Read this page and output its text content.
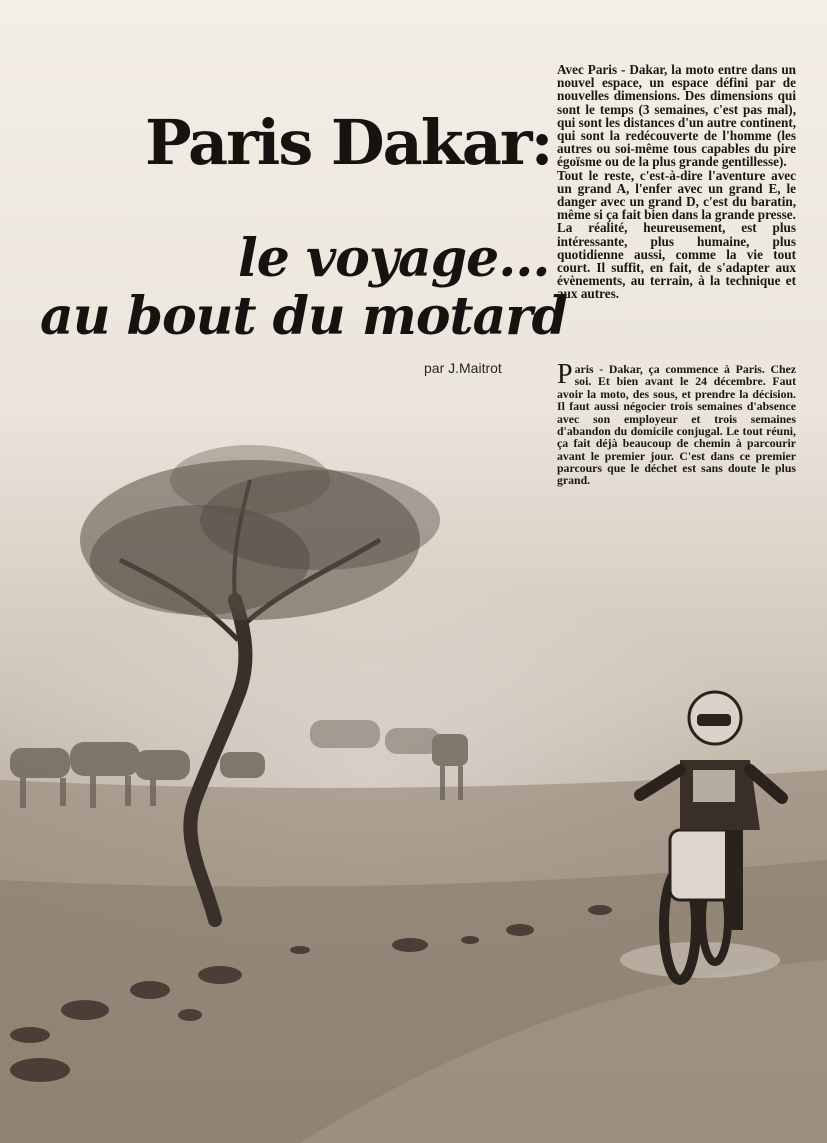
Paris Dakar:
le voyage...
au bout du motard
par J.Maitrot

Avec Paris - Dakar, la moto entre dans un nouvel espace, un espace défini par de nouvelles dimensions. Des dimensions qui sont le temps (3 semaines, c'est pas mal), qui sont les distances d'un autre continent, qui sont la redécouverte de l'homme (les autres ou soi-même tous capables du pire égoïsme ou de la plus grande gentillesse).

Tout le reste, c'est-à-dire l'aventure avec un grand A, l'enfer avec un grand E, le danger avec un grand D, c'est du baratin, même si ça fait bien dans la grande presse.

La réalité, heureusement, est plus intéressante, plus humaine, plus quotidienne aussi, comme la vie tout court. Il suffit, en fait, de s'adapter aux évènements, au terrain, à la technique et aux autres.

Paris - Dakar, ça commence à Paris. Chez soi. Et bien avant le 24 décembre. Faut avoir la moto, des sous, et prendre la décision. Il faut aussi négocier trois semaines d'absence avec son employeur et trois semaines d'abandon du domicile conjugal. Le tout réuni, ça fait déjà beaucoup de chemin à parcourir avant le premier jour. C'est dans ce premier parcours que le déchet est sans doute le plus grand.
